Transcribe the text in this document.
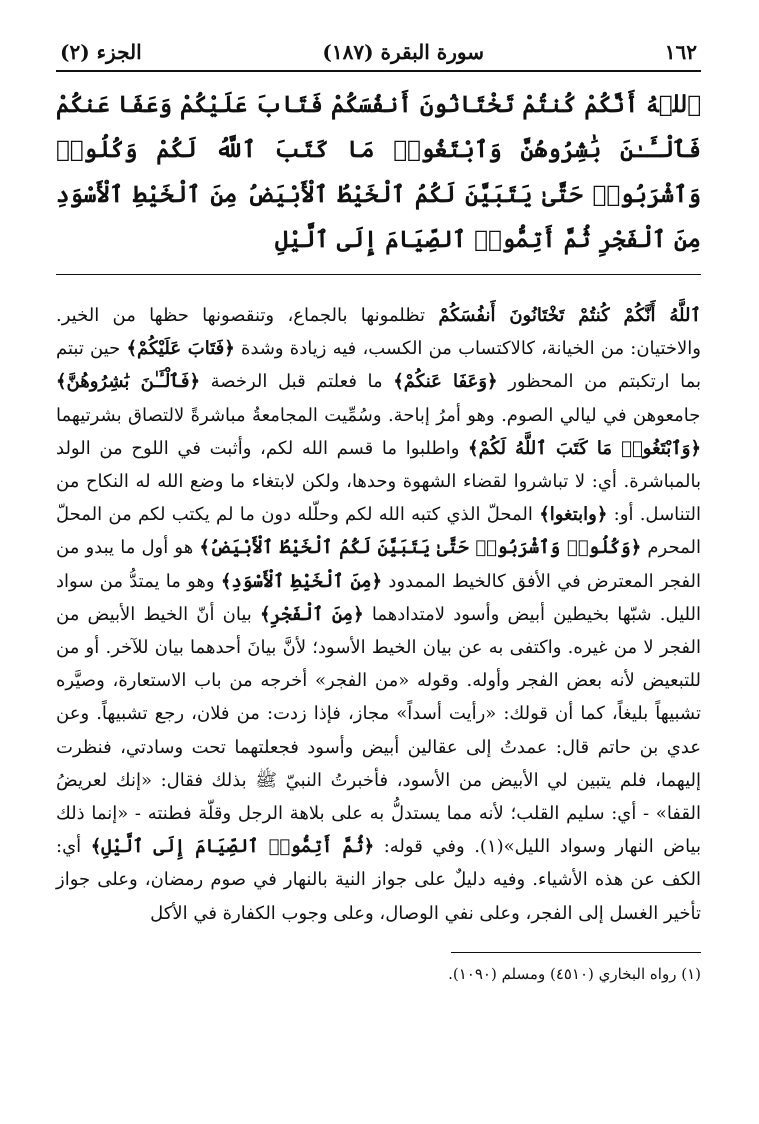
١٦٢
سورة البقرة (١٨٧)
الجزء (٢)
ﭐﻟﻠﱠﻪُ أَنَّكُمْ كُنتُمْ تَخْتَانُونَ أَنفُسَكُمْ فَتَابَ عَلَيْكُمْ وَعَفَا عَنكُمْ فَٱلْـَٔـٰنَ بَٰشِرُوهُنَّ وَٱبْتَغُوا۟ مَا كَتَبَ ٱللَّهُ لَكُمْ وَكُلُوا۟ وَٱشْرَبُوا۟ حَتَّىٰ يَتَبَيَّنَ لَكُمُ ٱلْخَيْطُ ٱلْأَبْيَضُ مِنَ ٱلْخَيْطِ ٱلْأَسْوَدِ مِنَ ٱلْفَجْرِ ثُمَّ أَتِمُّوا۟ ٱلصِّيَامَ إِلَى ٱلَّيْلِ
ٱللَّهُ أَنَّكُمْ كُنتُمْ تَخْتَانُونَ أَنفُسَكُمْ تظلمونها بالجماع، وتنقصونها حظها من الخير. والاختيان: من الخيانة، كالاكتساب من الكسب، فيه زيادة وشدة ﴿فَتَابَ عَلَيْكُمْ﴾ حين تبتم بما ارتكبتم من المحظور ﴿وَعَفَا عَنكُمْ﴾ ما فعلتم قبل الرخصة ﴿فَٱلْـَٔـٰنَ بَٰشِرُوهُنَّ﴾ جامعوهن في ليالي الصوم. وهو أمرُ إباحة. وسُمِّيت المجامعةُ مباشرةً لالتصاق بشرتيهما ﴿وَٱبْتَغُوا۟ مَا كَتَبَ ٱللَّهُ لَكُمْ﴾ واطلبوا ما قسم الله لكم، وأثبت في اللوح من الولد بالمباشرة. أي: لا تباشروا لقضاء الشهوة وحدها، ولكن لابتغاء ما وضع الله له النكاح من التناسل. أو: ﴿وابتغوا﴾ المحلّ الذي كتبه الله لكم وحلّله دون ما لم يكتب لكم من المحلّ المحرم ﴿وَكُلُوا۟ وَٱشْرَبُوا۟ حَتَّىٰ يَتَبَيَّنَ لَكُمُ ٱلْخَيْطُ ٱلْأَبْيَضُ﴾ هو أول ما يبدو من الفجر المعترض في الأفق كالخيط الممدود ﴿مِنَ ٱلْخَيْطِ ٱلْأَسْوَدِ﴾ وهو ما يمتدُّ من سواد الليل. شبّها بخيطين أبيض وأسود لامتدادهما ﴿مِنَ ٱلْفَجْرِ﴾ بيان أنّ الخيط الأبيض من الفجر لا من غيره. واكتفى به عن بيان الخيط الأسود؛ لأنَّ بيانَ أحدهما بيان للآخر. أو من للتبعيض لأنه بعض الفجر وأوله. وقوله «من الفجر» أخرجه من باب الاستعارة، وصيَّره تشبيهاً بليغاً، كما أن قولك: «رأيت أسداً» مجاز، فإذا زدت: من فلان، رجع تشبيهاً. وعن عدي بن حاتم قال: عمدتُ إلى عقالين أبيض وأسود فجعلتهما تحت وسادتي، فنظرت إليهما، فلم يتبين لي الأبيض من الأسود، فأخبرتُ النبيّ ﷺ بذلك فقال: «إنك لعريضُ القفا» - أي: سليم القلب؛ لأنه مما يستدلُّ به على بلاهة الرجل وقلّة فطنته - «إنما ذلك بياض النهار وسواد الليل»(١). وفي قوله: ﴿ثُمَّ أَتِمُّوا۟ ٱلصِّيَامَ إِلَى ٱلَّيْلِ﴾ أي: الكف عن هذه الأشياء. وفيه دليلٌ على جواز النية بالنهار في صوم رمضان، وعلى جواز تأخير الغسل إلى الفجر، وعلى نفي الوصال، وعلى وجوب الكفارة في الأكل
(١) رواه البخاري (٤٥١٠) ومسلم (١٠٩٠).
